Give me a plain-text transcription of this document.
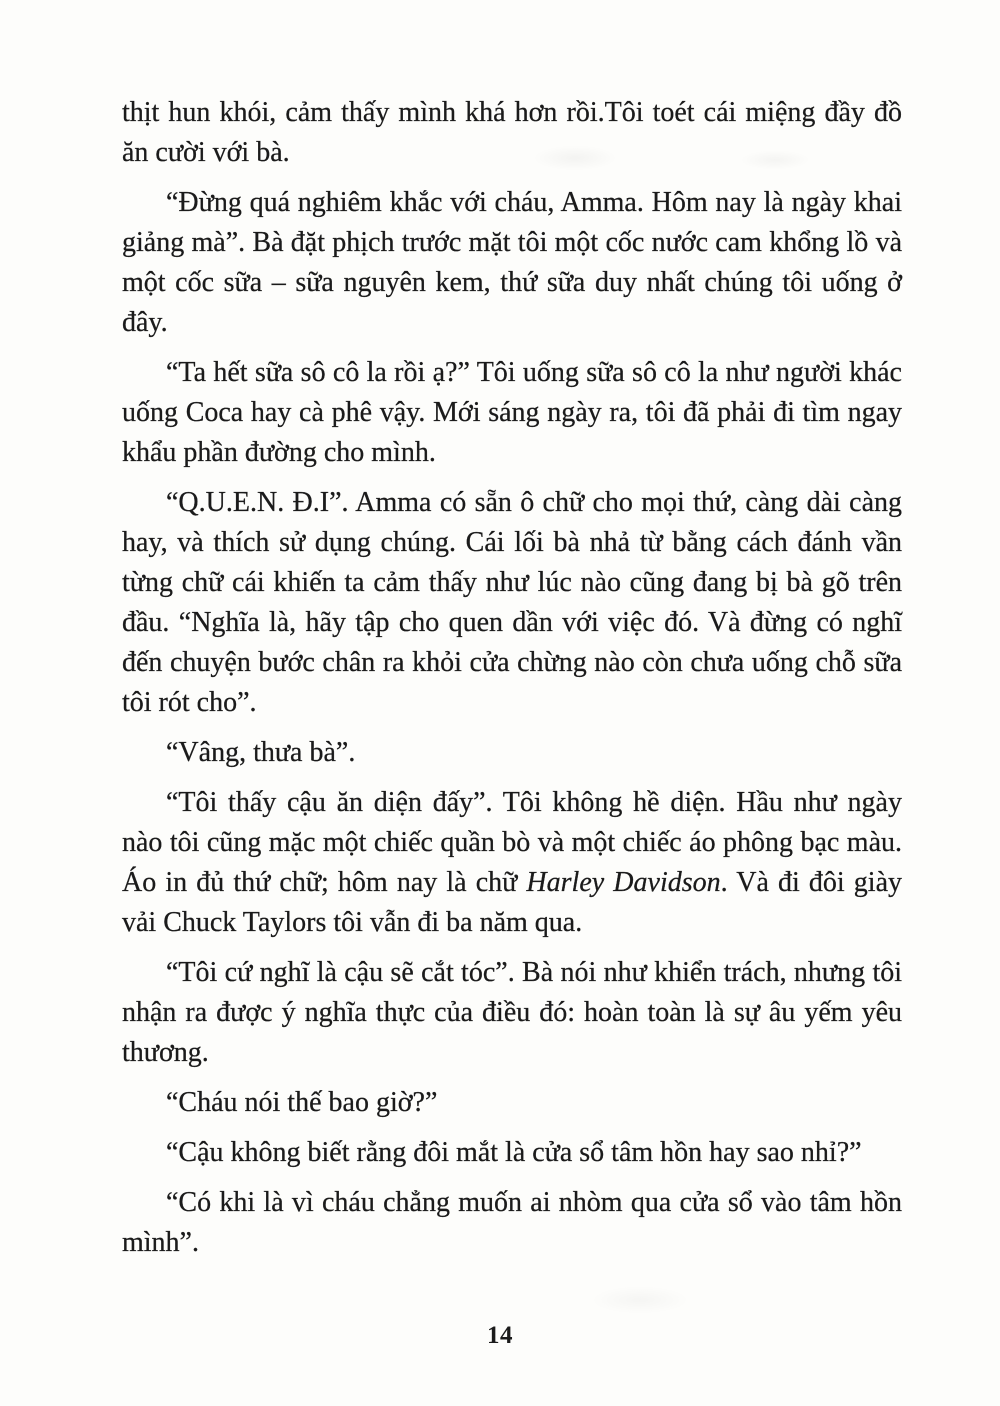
thịt hun khói, cảm thấy mình khá hơn rồi.Tôi toét cái miệng đầy đồ ăn cười với bà.

“Đừng quá nghiêm khắc với cháu, Amma. Hôm nay là ngày khai giảng mà”. Bà đặt phịch trước mặt tôi một cốc nước cam khổng lồ và một cốc sữa – sữa nguyên kem, thứ sữa duy nhất chúng tôi uống ở đây.

“Ta hết sữa sô cô la rồi ạ?” Tôi uống sữa sô cô la như người khác uống Coca hay cà phê vậy. Mới sáng ngày ra, tôi đã phải đi tìm ngay khẩu phần đường cho mình.

“Q.U.E.N. Đ.I”. Amma có sẵn ô chữ cho mọi thứ, càng dài càng hay, và thích sử dụng chúng. Cái lối bà nhả từ bằng cách đánh vần từng chữ cái khiến ta cảm thấy như lúc nào cũng đang bị bà gõ trên đầu. “Nghĩa là, hãy tập cho quen dần với việc đó. Và đừng có nghĩ đến chuyện bước chân ra khỏi cửa chừng nào còn chưa uống chỗ sữa tôi rót cho”.

“Vâng, thưa bà”.

“Tôi thấy cậu ăn diện đấy”. Tôi không hề diện. Hầu như ngày nào tôi cũng mặc một chiếc quần bò và một chiếc áo phông bạc màu. Áo in đủ thứ chữ; hôm nay là chữ Harley Davidson. Và đi đôi giày vải Chuck Taylors tôi vẫn đi ba năm qua.

“Tôi cứ nghĩ là cậu sẽ cắt tóc”. Bà nói như khiển trách, nhưng tôi nhận ra được ý nghĩa thực của điều đó: hoàn toàn là sự âu yếm yêu thương.

“Cháu nói thế bao giờ?”

“Cậu không biết rằng đôi mắt là cửa sổ tâm hồn hay sao nhỉ?”

“Có khi là vì cháu chẳng muốn ai nhòm qua cửa sổ vào tâm hồn mình”.

14
